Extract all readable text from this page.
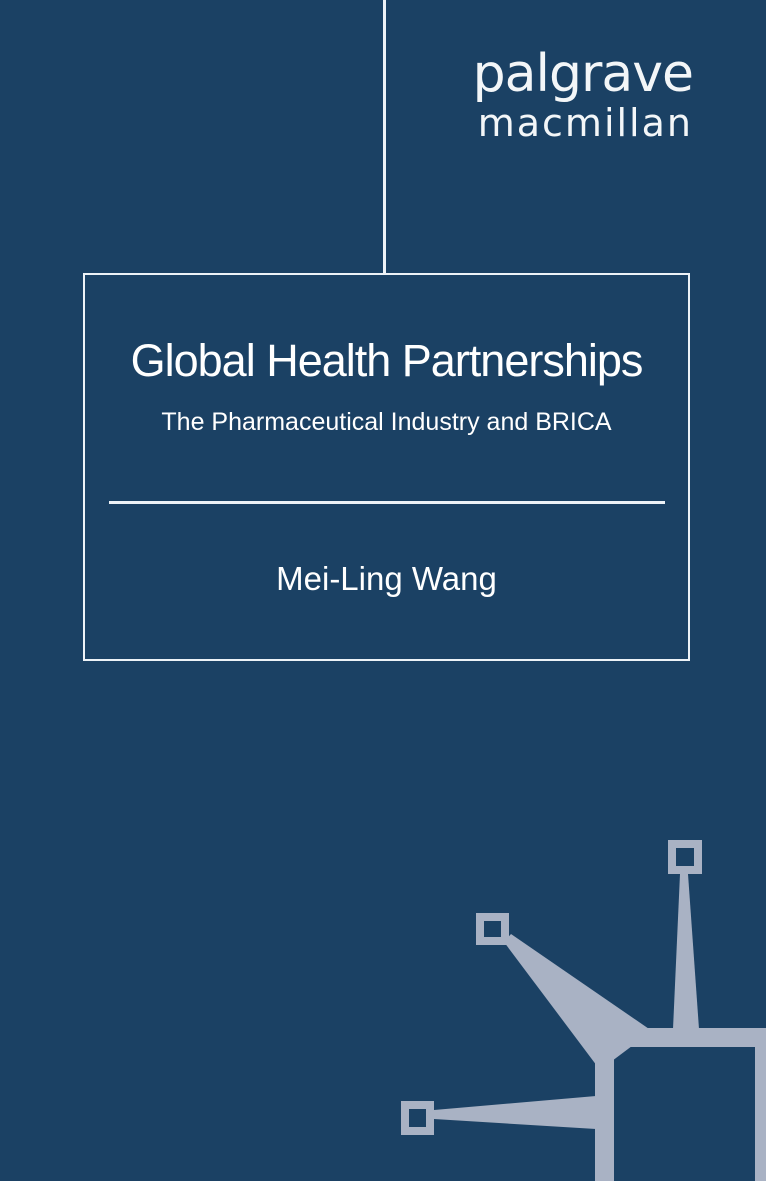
palgrave
macmillan
Global Health Partnerships
The Pharmaceutical Industry and BRICA
Mei-Ling Wang
